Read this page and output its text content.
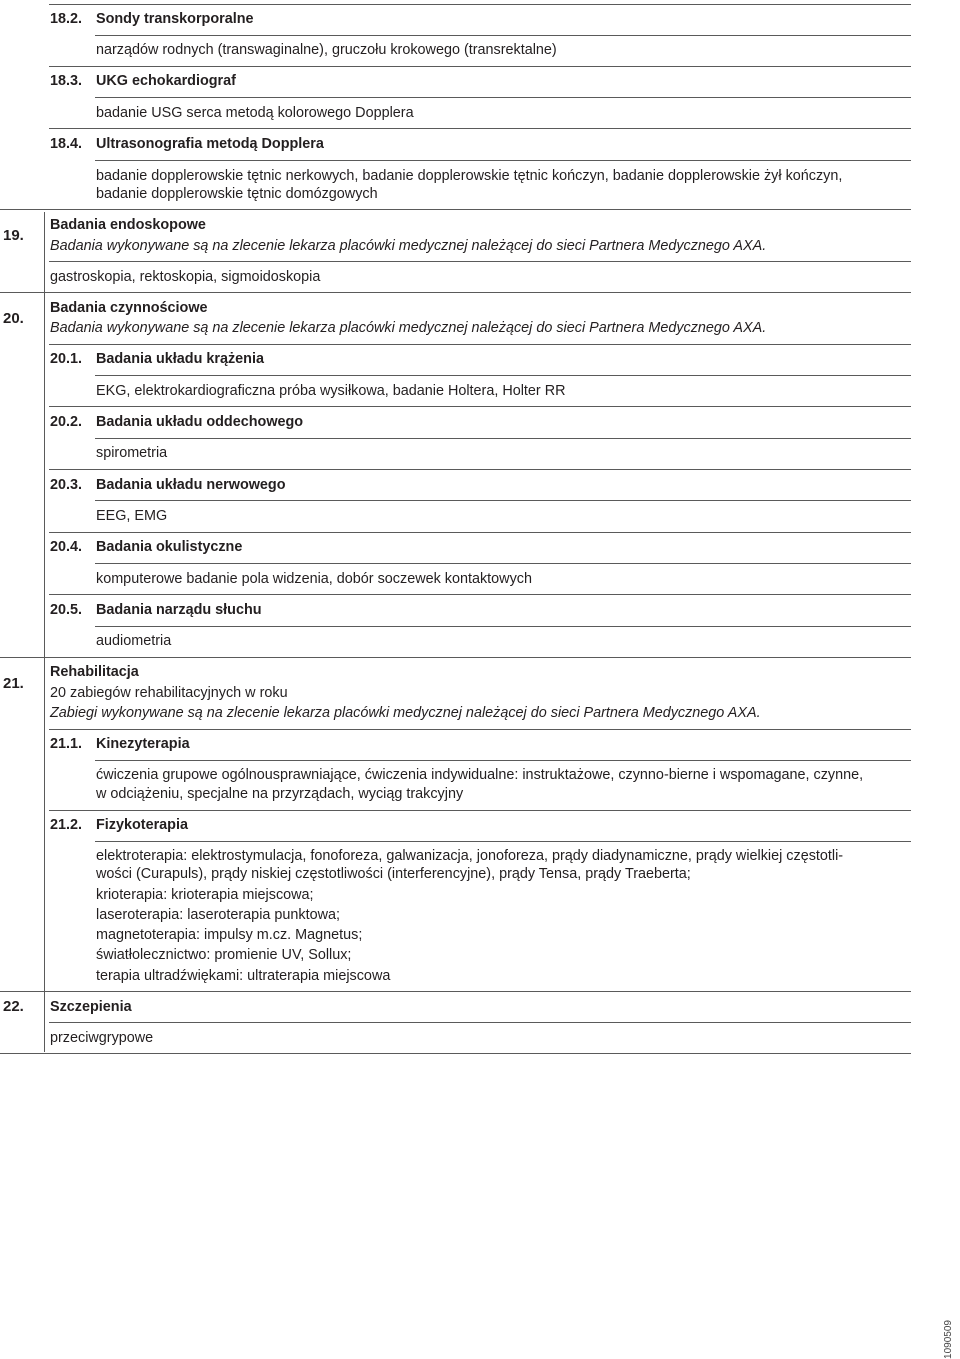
18.2. Sondy transkorporalne
narządów rodnych (transwaginalne), gruczołu krokowego (transrektalne)
18.3. UKG echokardiograf
badanie USG serca metodą kolorowego Dopplera
18.4. Ultrasonografia metodą Dopplera
badanie dopplerowskie tętnic nerkowych, badanie dopplerowskie tętnic kończyn, badanie dopplerowskie żył kończyn,
badanie dopplerowskie tętnic domózgowych
19.
Badania endoskopowe
Badania wykonywane są na zlecenie lekarza placówki medycznej należącej do sieci Partnera Medycznego AXA.
gastroskopia, rektoskopia, sigmoidoskopia
20.
Badania czynnościowe
Badania wykonywane są na zlecenie lekarza placówki medycznej należącej do sieci Partnera Medycznego AXA.
20.1. Badania układu krążenia
EKG, elektrokardiograficzna próba wysiłkowa, badanie Holtera, Holter RR
20.2. Badania układu oddechowego
spirometria
20.3. Badania układu nerwowego
EEG, EMG
20.4. Badania okulistyczne
komputerowe badanie pola widzenia, dobór soczewek kontaktowych
20.5. Badania narządu słuchu
audiometria
21.
Rehabilitacja
20 zabiegów rehabilitacyjnych w roku
Zabiegi wykonywane są na zlecenie lekarza placówki medycznej należącej do sieci Partnera Medycznego AXA.
21.1. Kinezyterapia
ćwiczenia grupowe ogólnousprawniające, ćwiczenia indywidualne: instruktażowe, czynno-bierne i wspomagane, czynne,
w odciążeniu, specjalne na przyrządach, wyciąg trakcyjny
21.2. Fizykoterapia
elektroterapia: elektrostymulacja, fonoforeza, galwanizacja, jonoforeza, prądy diadynamiczne, prądy wielkiej częstotli-
wości (Curapuls), prądy niskiej częstotliwości (interferencyjne), prądy Tensa, prądy Traeberta;
krioterapia: krioterapia miejscowa;
laseroterapia: laseroterapia punktowa;
magnetoterapia: impulsy m.cz. Magnetus;
światłolecznictwo: promienie UV, Sollux;
terapia ultradźwiękami: ultraterapia miejscowa
22. Szczepienia
przeciwgrypowe
1090509
